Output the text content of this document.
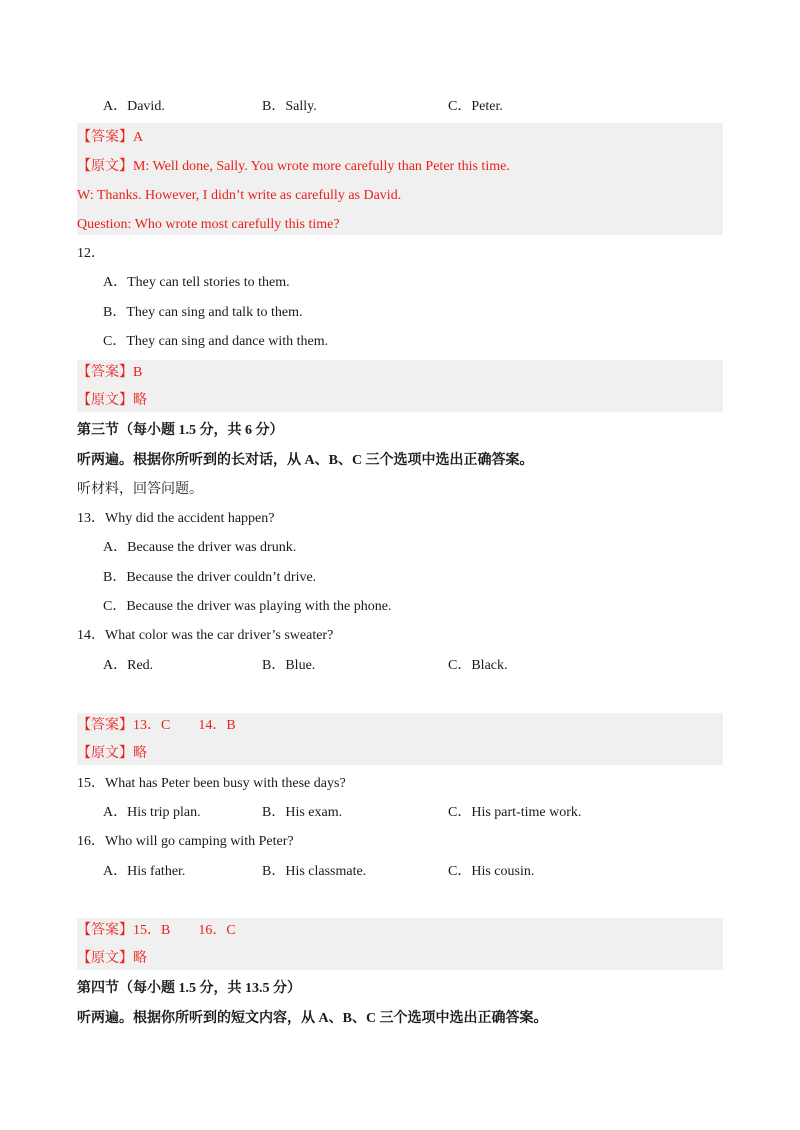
A．David.	B．Sally.	C．Peter.
【答案】A
【原文】M: Well done, Sally. You wrote more carefully than Peter this time.
W: Thanks. However, I didn’t write as carefully as David.
Question: Who wrote most carefully this time?
12．
A．They can tell stories to them.
B．They can sing and talk to them.
C．They can sing and dance with them.
【答案】B
【原文】略
第三节（每小题 1.5 分，共 6 分）
听两遍。根据你所听到的长对话，从 A、B、C 三个选项中选出正确答案。
听材料，回答问题。
13．Why did the accident happen?
A．Because the driver was drunk.
B．Because the driver couldn’t drive.
C．Because the driver was playing with the phone.
14．What color was the car driver’s sweater?
A．Red.	B．Blue.	C．Black.
【答案】13．C        14．B
【原文】略
15．What has Peter been busy with these days?
A．His trip plan.	B．His exam.	C．His part-time work.
16．Who will go camping with Peter?
A．His father.	B．His classmate.	C．His cousin.
【答案】15．B        16．C
【原文】略
第四节（每小题 1.5 分，共 13.5 分）
听两遍。根据你所听到的短文内容，从 A、B、C 三个选项中选出正确答案。
